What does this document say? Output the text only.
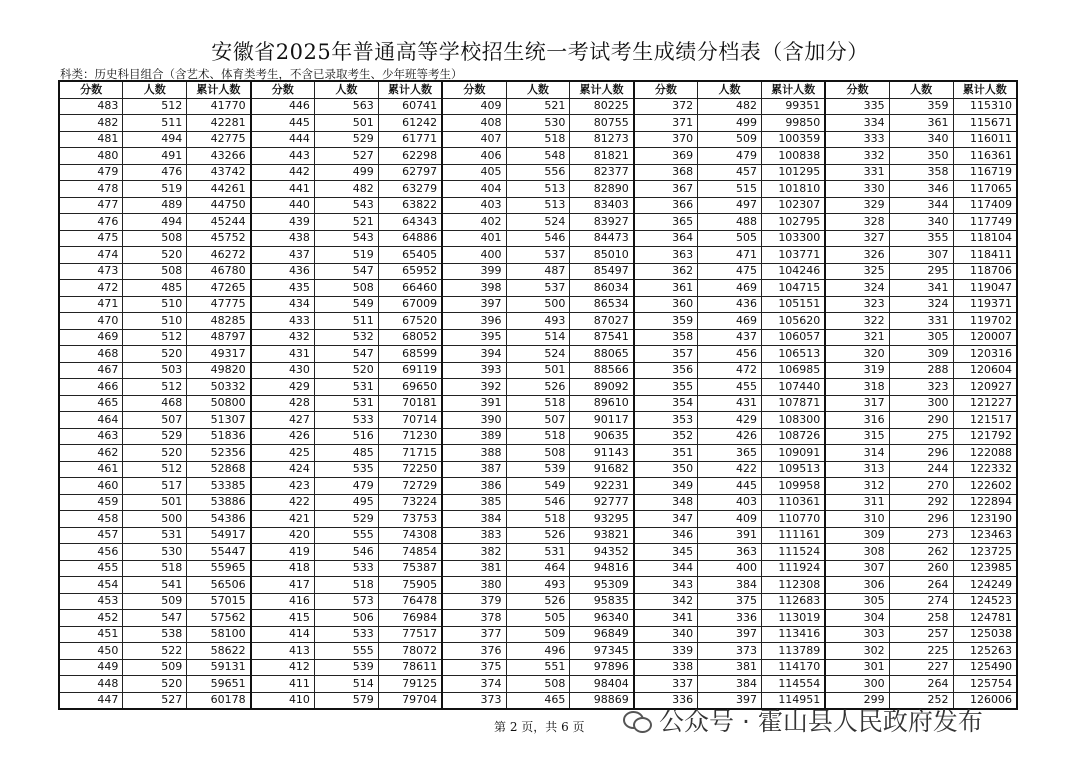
安徽省2025年普通高等学校招生统一考试考生成绩分档表（含加分）
科类：历史科目组合（含艺术、体育类考生，不含已录取考生、少年班等考生）
分数	人数	累计人数	分数	人数	累计人数	分数	人数	累计人数	分数	人数	累计人数	分数	人数	累计人数
483	512	41770	446	563	60741	409	521	80225	372	482	99351	335	359	115310
482	511	42281	445	501	61242	408	530	80755	371	499	99850	334	361	115671
481	494	42775	444	529	61771	407	518	81273	370	509	100359	333	340	116011
480	491	43266	443	527	62298	406	548	81821	369	479	100838	332	350	116361
479	476	43742	442	499	62797	405	556	82377	368	457	101295	331	358	116719
478	519	44261	441	482	63279	404	513	82890	367	515	101810	330	346	117065
477	489	44750	440	543	63822	403	513	83403	366	497	102307	329	344	117409
476	494	45244	439	521	64343	402	524	83927	365	488	102795	328	340	117749
475	508	45752	438	543	64886	401	546	84473	364	505	103300	327	355	118104
474	520	46272	437	519	65405	400	537	85010	363	471	103771	326	307	118411
473	508	46780	436	547	65952	399	487	85497	362	475	104246	325	295	118706
472	485	47265	435	508	66460	398	537	86034	361	469	104715	324	341	119047
471	510	47775	434	549	67009	397	500	86534	360	436	105151	323	324	119371
470	510	48285	433	511	67520	396	493	87027	359	469	105620	322	331	119702
469	512	48797	432	532	68052	395	514	87541	358	437	106057	321	305	120007
468	520	49317	431	547	68599	394	524	88065	357	456	106513	320	309	120316
467	503	49820	430	520	69119	393	501	88566	356	472	106985	319	288	120604
466	512	50332	429	531	69650	392	526	89092	355	455	107440	318	323	120927
465	468	50800	428	531	70181	391	518	89610	354	431	107871	317	300	121227
464	507	51307	427	533	70714	390	507	90117	353	429	108300	316	290	121517
463	529	51836	426	516	71230	389	518	90635	352	426	108726	315	275	121792
462	520	52356	425	485	71715	388	508	91143	351	365	109091	314	296	122088
461	512	52868	424	535	72250	387	539	91682	350	422	109513	313	244	122332
460	517	53385	423	479	72729	386	549	92231	349	445	109958	312	270	122602
459	501	53886	422	495	73224	385	546	92777	348	403	110361	311	292	122894
458	500	54386	421	529	73753	384	518	93295	347	409	110770	310	296	123190
457	531	54917	420	555	74308	383	526	93821	346	391	111161	309	273	123463
456	530	55447	419	546	74854	382	531	94352	345	363	111524	308	262	123725
455	518	55965	418	533	75387	381	464	94816	344	400	111924	307	260	123985
454	541	56506	417	518	75905	380	493	95309	343	384	112308	306	264	124249
453	509	57015	416	573	76478	379	526	95835	342	375	112683	305	274	124523
452	547	57562	415	506	76984	378	505	96340	341	336	113019	304	258	124781
451	538	58100	414	533	77517	377	509	96849	340	397	113416	303	257	125038
450	522	58622	413	555	78072	376	496	97345	339	373	113789	302	225	125263
449	509	59131	412	539	78611	375	551	97896	338	381	114170	301	227	125490
448	520	59651	411	514	79125	374	508	98404	337	384	114554	300	264	125754
447	527	60178	410	579	79704	373	465	98869	336	397	114951	299	252	126006
第 2 页，共 6 页	公众号 · 霍山县人民政府发布
